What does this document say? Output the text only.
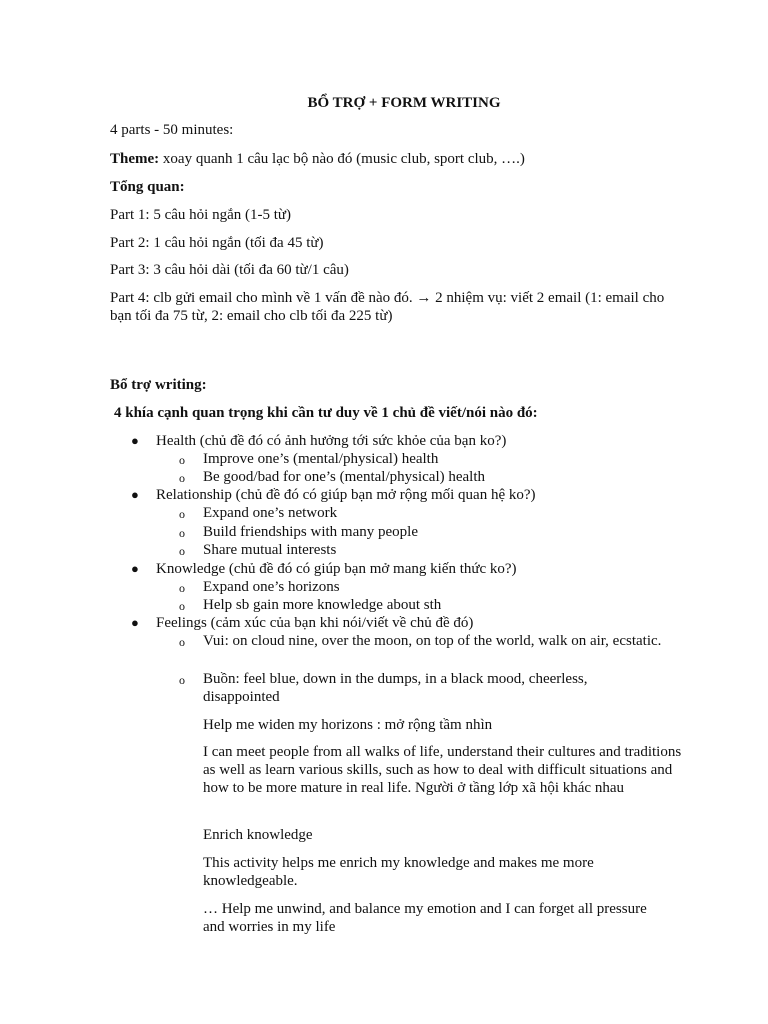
BỔ TRỢ + FORM WRITING
4 parts - 50 minutes:
Theme: xoay quanh 1 câu lạc bộ nào đó (music club, sport club, ….)
Tổng quan:
Part 1: 5 câu hỏi ngắn (1-5 từ)
Part 2: 1 câu hỏi ngắn (tối đa 45 từ)
Part 3: 3 câu hỏi dài (tối đa 60 từ/1 câu)
Part 4: clb gửi email cho mình về 1 vấn đề nào đó. → 2 nhiệm vụ: viết 2 email (1: email cho bạn tối đa 75 từ, 2: email cho clb tối đa 225 từ)
Bổ trợ writing:
4 khía cạnh quan trọng khi cần tư duy về 1 chủ đề viết/nói nào đó:
● Health (chủ đề đó có ảnh hưởng tới sức khỏe của bạn ko?)
o Improve one’s (mental/physical) health
o Be good/bad for one’s (mental/physical) health
● Relationship (chủ đề đó có giúp bạn mở rộng mối quan hệ ko?)
o Expand one’s network
o Build friendships with many people
o Share mutual interests
● Knowledge (chủ đề đó có giúp bạn mở mang kiến thức ko?)
o Expand one’s horizons
o Help sb gain more knowledge about sth
● Feelings (cảm xúc của bạn khi nói/viết về chủ đề đó)
o Vui: on cloud nine, over the moon, on top of the world, walk on air, ecstatic.
o Buồn: feel blue, down in the dumps, in a black mood, cheerless, disappointed
Help me widen my horizons : mở rộng tầm nhìn
I can meet people from all walks of life, understand their cultures and traditions as well as learn various skills, such as how to deal with difficult situations and how to be more mature in real life. Người ở tầng lớp xã hội khác nhau
Enrich knowledge
This activity helps me enrich my knowledge and makes me more knowledgeable.
… Help me unwind, and balance my emotion and I can forget all pressure and worries in my life
